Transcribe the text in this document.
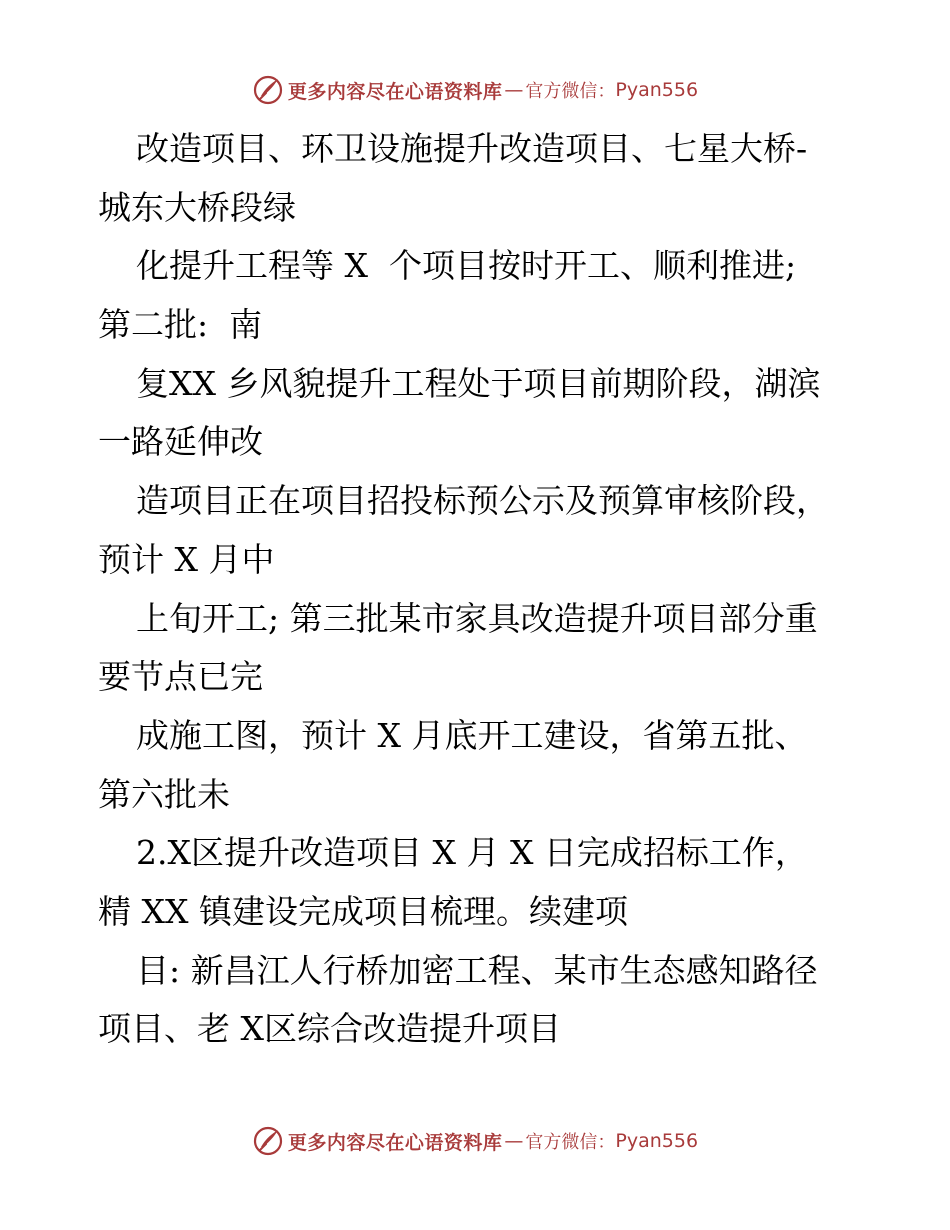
更多内容尽在心语资料库 — 官方微信： Pyan556
改造项目、环卫设施提升改造项目、七星大桥-
城东大桥段绿
化提升工程等 X  个项目按时开工、顺利推进;
第二批:  南
复XX 乡风貌提升工程处于项目前期阶段，湖滨
一路延伸改
造项目正在项目招投标预公示及预算审核阶段，
预计 X 月中
上旬开工; 第三批某市家具改造提升项目部分重
要节点已完
成施工图，预计 X 月底开工建设，省第五批、
第六批未
2.X区提升改造项目 X 月 X 日完成招标工作，
精 XX 镇建设完成项目梳理。续建项
目: 新昌江人行桥加密工程、某市生态感知路径
项目、老 X区综合改造提升项目
更多内容尽在心语资料库 — 官方微信： Pyan556
